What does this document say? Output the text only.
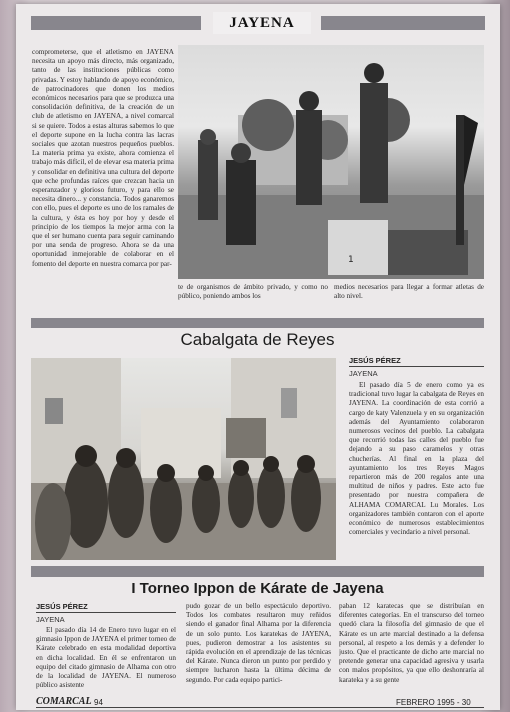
JAYENA
comprometerse, que el atletismo en JAYENA necesita un apoyo más directo, más organizado, tanto de las instituciones públicas como privadas. Y estoy hablando de apoyo económico, de patrocinadores que donen los medios económicos necesarios para que se produzca una consolidación definitiva, de la creación de un club de atletismo en JAYENA, a nivel comarcal si se quiere. Todos a estas alturas sabemos lo que el deporte supone en la lucha contra las lacras sociales que azotan nuestros pequeños pueblos. La materia prima ya existe, ahora comienza el trabajo más difícil, el de elevar esa materia prima y consolidar en definitiva una cultura del deporte que eche profundas raíces que crezcan hacia un esperanzador y glorioso futuro, y para ello se necesita dinero... y constancia. Todos ganaremos con ello, pues el deporte es uno de los ramales de la cultura, y ésta es hoy por hoy y desde el principio de los tiempos la mejor arma con la que el ser humano cuenta para seguir caminando por una senda de progreso. Ahora se da una oportunidad inmejorable de colaborar en el fomento del deporte en nuestra comarca por par-	1
te de organismos de ámbito privado, y como no público, poniendo ambos los
medios necesarios para llegar a formar atletas de alto nivel.
Cabalgata de Reyes
JESÚS PÉREZ
JAYENA
El pasado día 5 de enero como ya es tradicional tuvo lugar la cabalgata de Reyes en JAYENA. La coordinación de esta corrió a cargo de katy Valenzuela y en su organización además del Ayuntamiento colaboraron numerosos vecinos del pueblo. La cabalgata que recorrió todas las calles del pueblo fue dejando a su paso caramelos y otras chucherías. Al final en la plaza del ayuntamiento los tres Reyes Magos repartieron más de 200 regalos ante una multitud de niños y padres. Este acto fue presentado por nuestra compañera de ALHAMA COMARCAL Lu Morales. Los organizadores también contaron con el aporte económico de numerosos establecimientos comerciales y vecindario a nivel personal.
I Torneo Ippon de Kárate de Jayena
JESÚS PÉREZ
JAYENA
El pasado día 14 de Enero tuvo lugar en el gimnasio Ippon de JAYENA el primer torneo de Kárate celebrado en esta modalidad deportiva en dicha localidad. En él se enfrentaron un equipo del citado gimnasio de Alhama con otro de la localidad de JAYENA. El numeroso público asistente
pudo gozar de un bello espectáculo deportivo. Todos los combates resultaron muy reñidos siendo el ganador final Alhama por la diferencia de un solo punto. Los karatekas de JAYENA, pues, pudieron demostrar a los asistentes su rápida evolución en el aprendizaje de las técnicas del Kárate. Nunca dieron un punto por perdido y siempre lucharon hasta la última décima de segundo. Por cada equipo partici-
paban 12 karatecas que se distribuían en diferentes categorías. En el transcurso del torneo quedó clara la filosofía del gimnasio de que el Kárate es un arte marcial destinado a la defensa personal, al respeto a los demás y a defender lo justo. Que el practicante de dicho arte marcial no pretende generar una capacidad agresiva y usarla con malos propósitos, ya que ello deshonraría al karateka y a su gente
COMARCAL 94	FEBRERO 1995 - 30
